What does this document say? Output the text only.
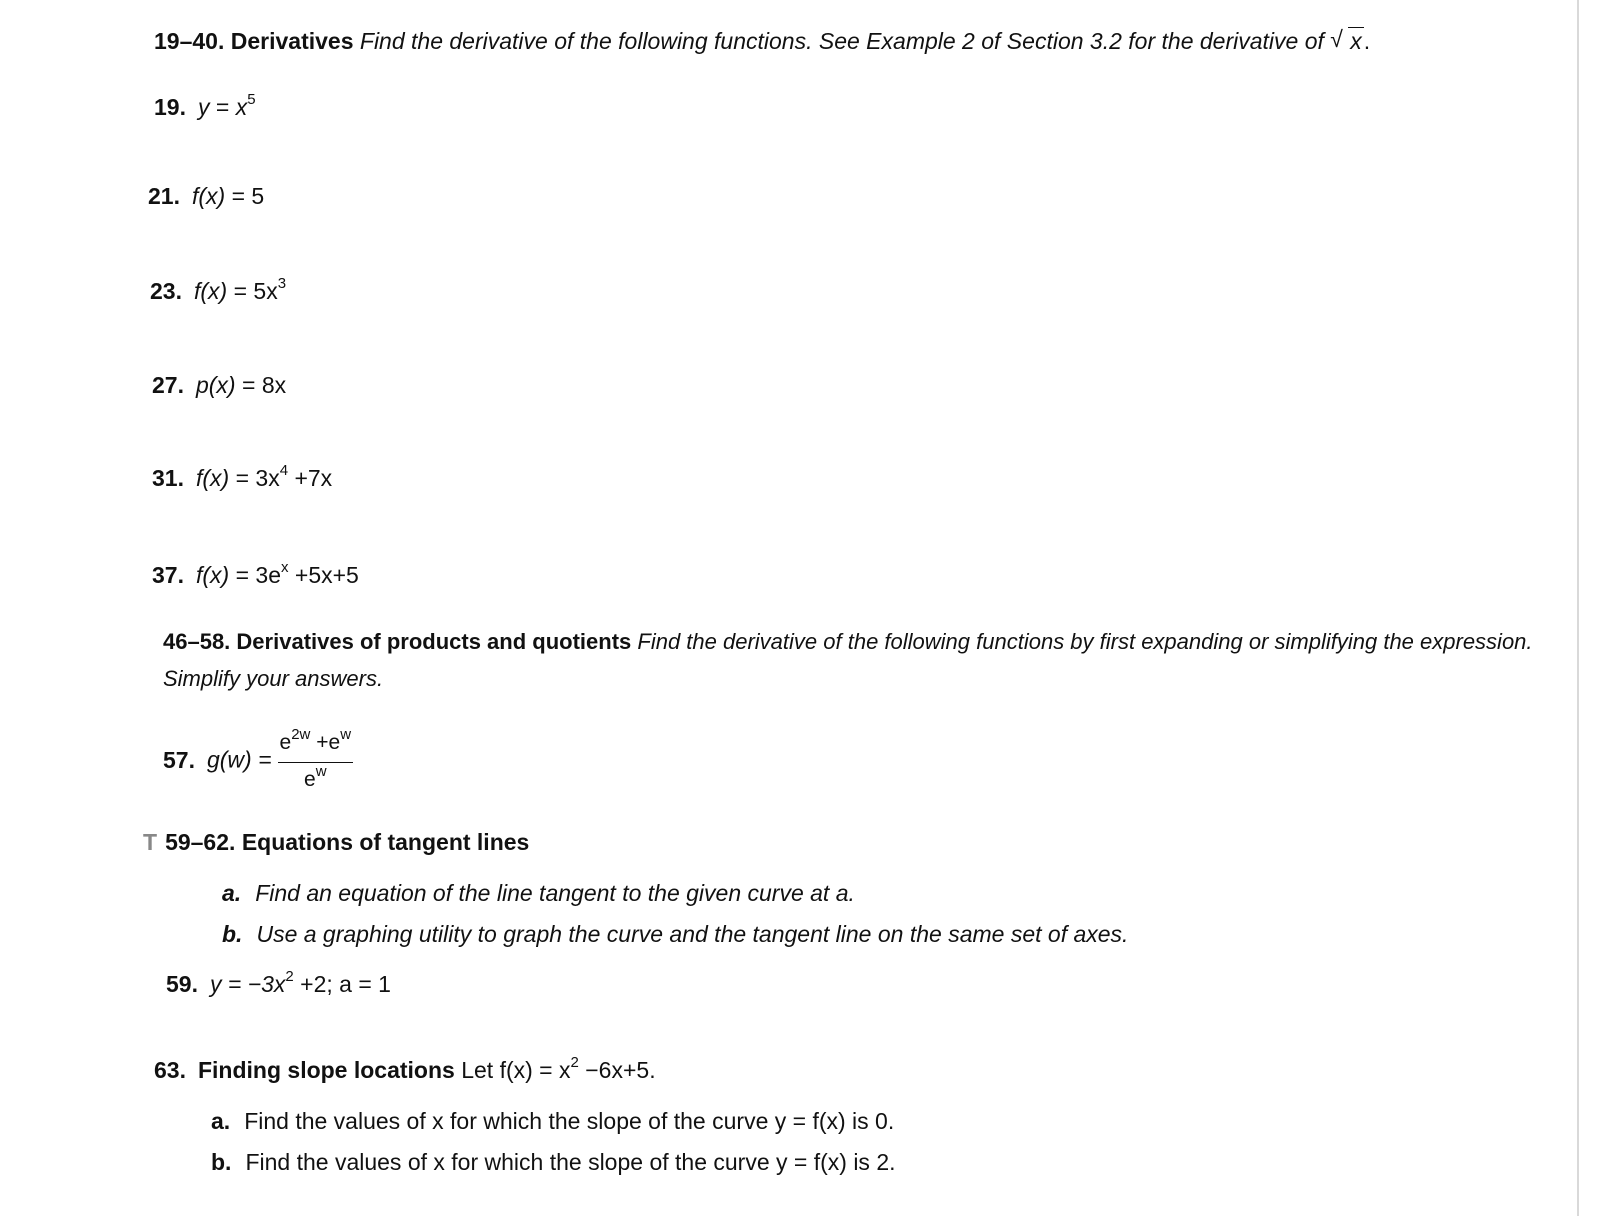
19–40. Derivatives Find the derivative of the following functions. See Example 2 of Section 3.2 for the derivative of √ x.
19. $y = x^5$
21. f(x) = 5
23. $f(x) = 5x^3$
27. p(x) = 8x
31. $f(x) = 3x^4 +7x$
37. $f(x) = 3e^x +5x+5$
46–58. Derivatives of products and quotients Find the derivative of the following functions by first expanding or simplifying the expression.
Simplify your answers.
57. $g(w) = \frac{e^{2w} +e^w}{e^w}$
T 59–62. Equations of tangent lines
a. Find an equation of the line tangent to the given curve at a.
b. Use a graphing utility to graph the curve and the tangent line on the same set of axes.
59. $y = -3x^2 +2$; a = 1
63. Finding slope locations Let $f(x) = x^2 -6x+5$.
a. Find the values of x for which the slope of the curve y = f(x) is 0.
b. Find the values of x for which the slope of the curve y = f(x) is 2.
